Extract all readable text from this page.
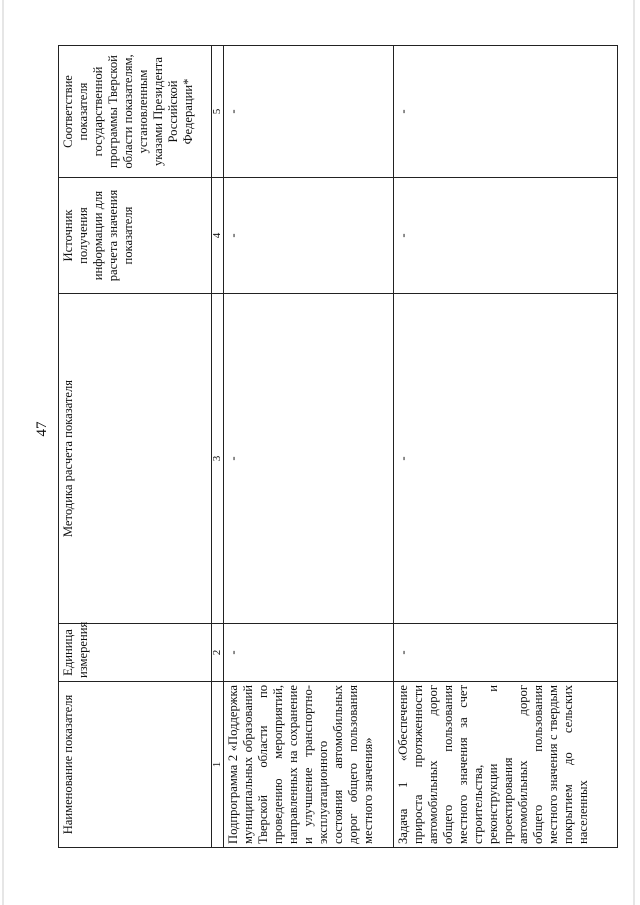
47
Наименование показателя	Единица измерения	Методика расчета показателя	Источник получения информации для расчета значения показателя	Соответствие показателя государственной программы Тверской области показателям, установленным указами Президента Российской Федерации*
1	2	3	4	5
Подпрограмма 2 «Поддержка муниципальных образований Тверской области по проведению мероприятий, направленных на сохранение и улучшение транспортно-эксплуатационного состояния автомобильных дорог общего пользования местного значения»	-	-	-	-
Задача 1 «Обеспечение прироста протяженности автомобильных дорог общего пользования местного значения за счет строительства, реконструкции и проектирования автомобильных дорог общего пользования местного значения с твердым покрытием до сельских населенных	-	-	-	-
